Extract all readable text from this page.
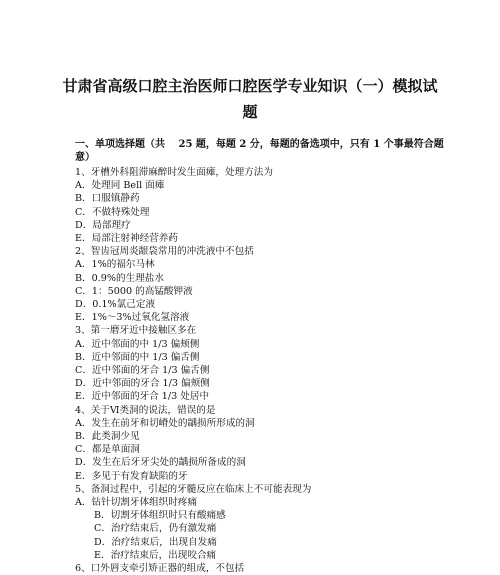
甘肃省高级口腔主治医师口腔医学专业知识（一）模拟试
题
一、单项选择题（共　 25 题，每题 2 分，每题的备选项中，只有 1 个事最符合题意）
1、牙槽外科阻滞麻醉时发生面瘫，处理方法为
A．处理同 Bell 面瘫
B．口服镇静药
C．不做特殊处理
D．局部理疗
E．局部注射神经营养药
2、智齿冠周炎龈袋常用的冲洗液中不包括
A．1%的福尔马林
B．0.9%的生理盐水
C．1：5000 的高锰酸钾液
D．0.1%氯己定液
E．1%～3%过氧化氢溶液
3、第一磨牙近中接触区多在
A．近中邻面的中 1/3 偏颊侧
B．近中邻面的中 1/3 偏舌侧
C．近中邻面的牙合 1/3 偏舌侧
D．近中邻面的牙合 1/3 偏颊侧
E．近中邻面的牙合 1/3 处居中
4、关于Ⅵ类洞的说法，错误的是
A．发生在前牙和切嵴处的龋损所形成的洞
B．此类洞少见
C．都是单面洞
D．发生在后牙牙尖处的龋损所备成的洞
E．多见于有发育缺陷的牙
5、备洞过程中，引起的牙髓反应在临床上不可能表现为
A．钻针切割牙体组织时疼痛
B．切割牙体组织时只有酸痛感
C．治疗结束后，仍有激发痛
D．治疗结束后，出现自发痛
E．治疗结束后，出现咬合痛
6、口外唇支牵引矫正器的组成，不包括
